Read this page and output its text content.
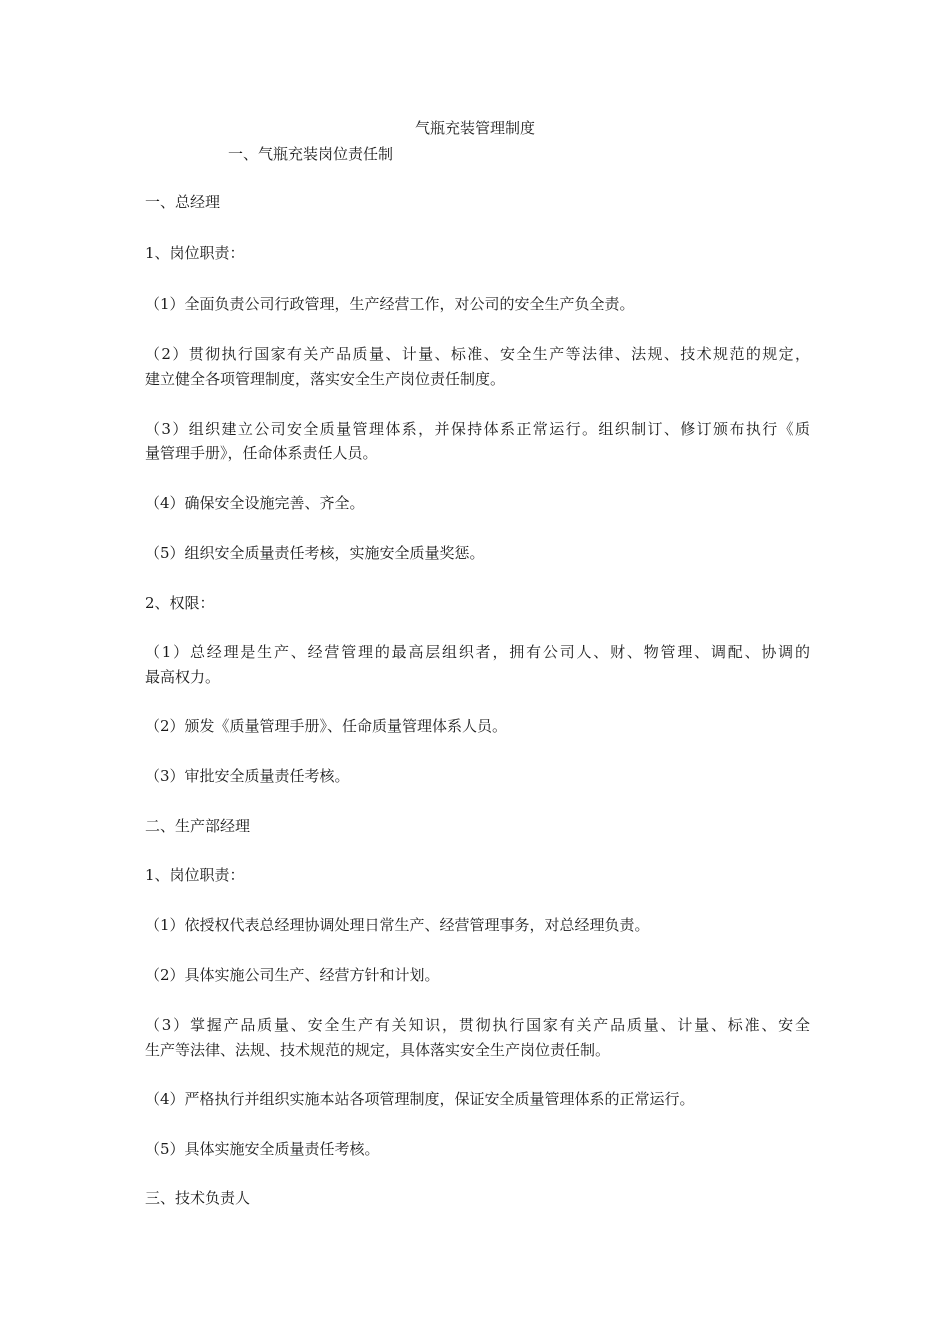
气瓶充装管理制度
一、气瓶充装岗位责任制
一、总经理
1、岗位职责：
（1）全面负责公司行政管理，生产经营工作，对公司的安全生产负全责。
（2）贯彻执行国家有关产品质量、计量、标准、安全生产等法律、法规、技术规范的规定，
建立健全各项管理制度，落实安全生产岗位责任制度。
（3）组织建立公司安全质量管理体系，并保持体系正常运行。组织制订、修订颁布执行《质
量管理手册》，任命体系责任人员。
（4）确保安全设施完善、齐全。
（5）组织安全质量责任考核，实施安全质量奖惩。
2、权限：
（1）总经理是生产、经营管理的最高层组织者，拥有公司人、财、物管理、调配、协调的
最高权力。
（2）颁发《质量管理手册》、任命质量管理体系人员。
（3）审批安全质量责任考核。
二、生产部经理
1、岗位职责：
（1）依授权代表总经理协调处理日常生产、经营管理事务，对总经理负责。
（2）具体实施公司生产、经营方针和计划。
（3）掌握产品质量、安全生产有关知识，贯彻执行国家有关产品质量、计量、标准、安全
生产等法律、法规、技术规范的规定，具体落实安全生产岗位责任制。
（4）严格执行并组织实施本站各项管理制度，保证安全质量管理体系的正常运行。
（5）具体实施安全质量责任考核。
三、技术负责人
